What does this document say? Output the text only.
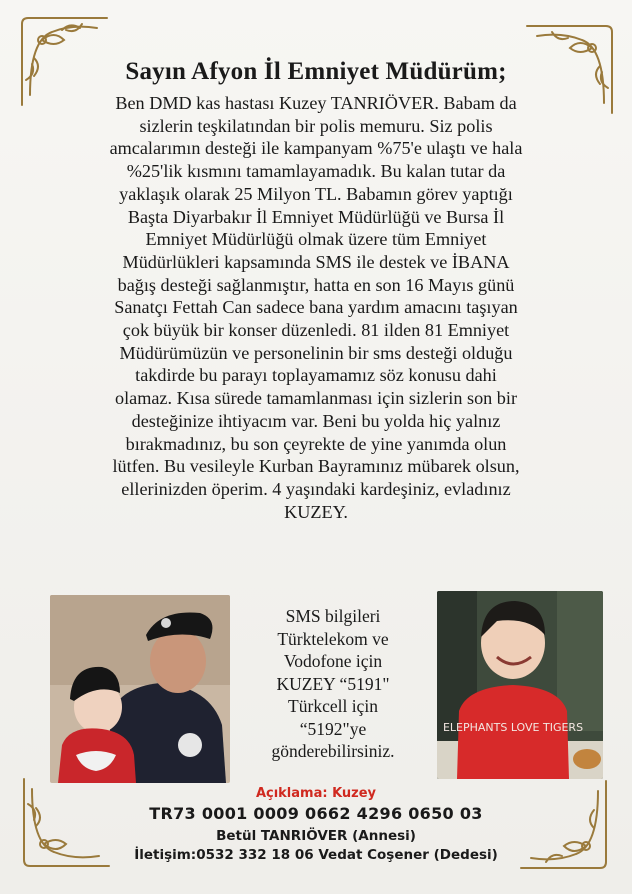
Sayın Afyon İl Emniyet Müdürüm;
Ben DMD kas hastası Kuzey TANRIÖVER. Babam da
sizlerin teşkilatından bir polis memuru. Siz polis
amcalarımın desteği ile kampanyam %75'e ulaştı ve hala
%25'lik kısmını tamamlayamadık. Bu kalan tutar da
yaklaşık olarak 25 Milyon TL. Babamın görev yaptığı
Başta Diyarbakır İl Emniyet Müdürlüğü ve Bursa İl
Emniyet Müdürlüğü olmak üzere tüm Emniyet
Müdürlükleri kapsamında SMS ile destek ve İBANA
bağış desteği sağlanmıştır, hatta en son 16 Mayıs günü
Sanatçı Fettah Can sadece bana yardım amacını taşıyan
çok büyük bir konser düzenledi. 81 ilden 81 Emniyet
Müdürümüzün ve personelinin bir sms desteği olduğu
takdirde bu parayı toplayamamız söz konusu dahi
olamaz. Kısa sürede tamamlanması için sizlerin son bir
desteğinize ihtiyacım var. Beni bu yolda hiç yalnız
bırakmadınız, bu son çeyrekte de yine yanımda olun
lütfen. Bu vesileyle Kurban Bayramınız mübarek olsun,
ellerinizden öperim. 4 yaşındaki kardeşiniz, evladınız
KUZEY.
SMS bilgileri
Türktelekom ve
Vodofone için
KUZEY “5191"
Türkcell için
“5192"ye
gönderebilirsiniz.
ELEPHANTS LOVE TIGERS
Açıklama: Kuzey
TR73 0001 0009 0662 4296 0650 03
Betül TANRIÖVER (Annesi)
İletişim:0532 332 18 06 Vedat Coşener (Dedesi)
